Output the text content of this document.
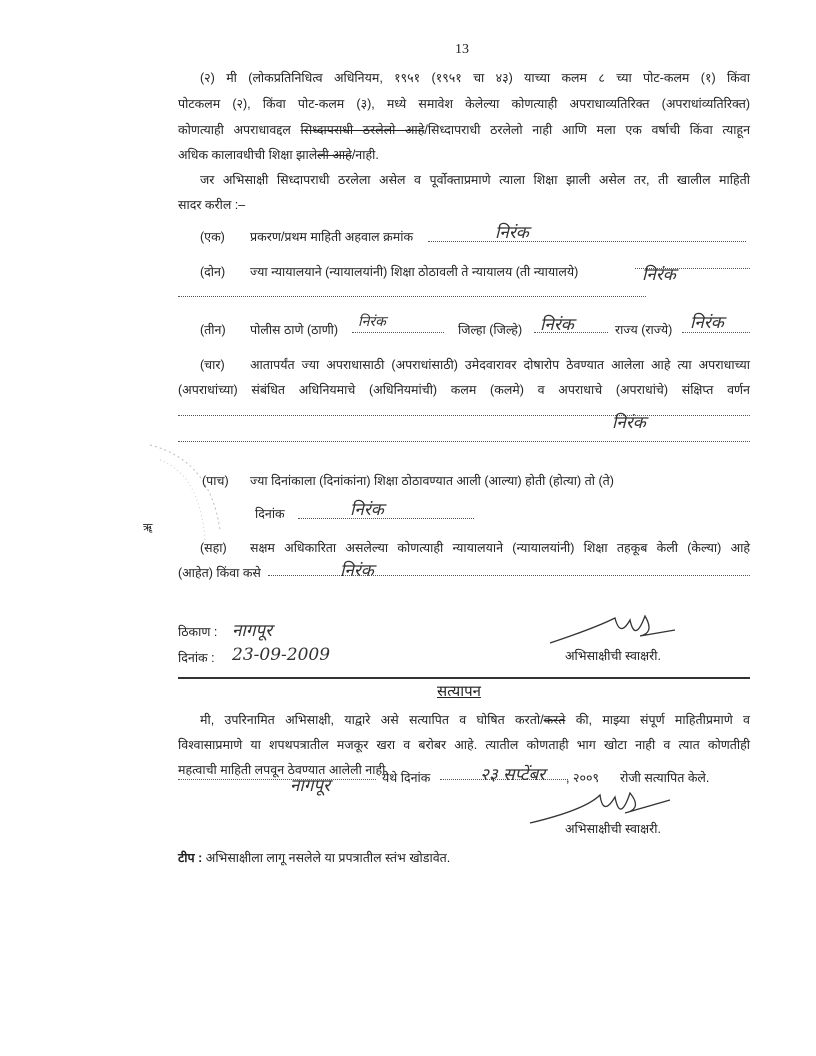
13
(२) मी (लोकप्रतिनिधित्व अधिनियम, १९५१ (१९५१ चा ४३) याच्या कलम ८ च्या पोट-कलम (१) किंवा
पोटकलम (२), किंवा पोट-कलम (३), मध्ये समावेश केलेल्या कोणत्याही अपराधाव्यतिरिक्त (अपराधांव्यतिरिक्त)
कोणत्याही अपराधावद्दल सिध्दापराधी ठरलेलो आहे/सिध्दापराधी ठरलेलो नाही आणि मला एक वर्षाची किंवा त्याहून
अधिक कालावधीची शिक्षा झालेली आहे/नाही.
जर अभिसाक्षी सिध्दापराधी ठरलेला असेल व पूर्वोक्ताप्रमाणे त्याला शिक्षा झाली असेल तर, ती खालील माहिती
सादर करील :–
(एक) प्रकरण/प्रथम माहिती अहवाल क्रमांक	निरंक
(दोन) ज्या न्यायालयाने (न्यायालयांनी) शिक्षा ठोठावली ते न्यायालय (ती न्यायालये)	निरंक
(तीन) पोलीस ठाणे (ठाणी) निरंक	जिल्हा (जिल्हे) निरंक	राज्य (राज्ये) निरंक
(चार) आतापर्यंत ज्या अपराधासाठी (अपराधांसाठी) उमेदवारावर दोषारोप ठेवण्यात आलेला आहे त्या अपराधाच्या
(अपराधांच्या) संबंधित अधिनियमाचे (अधिनियमांची) कलम (कलमे) व अपराधाचे (अपराधांचे) संक्षिप्त वर्णन
निरंक
ॠ
(पाच) ज्या दिनांकाला (दिनांकांना) शिक्षा ठोठावण्यात आली (आल्या) होती (होत्या) तो (ते)
दिनांक	निरंक
(सहा) सक्षम अधिकारिता असलेल्या कोणत्याही न्यायालयाने (न्यायालयांनी) शिक्षा तहकूब केली (केल्या) आहे
(आहेत) किंवा कसे	निरंक
ठिकाण : नागपूर
दिनांक : 23-09-2009	अभिसाक्षीची स्वाक्षरी.
सत्यापन
मी, उपरिनामित अभिसाक्षी, याद्वारे असे सत्यापित व घोषित करतो/करते की, माझ्या संपूर्ण माहितीप्रमाणे व
विश्वासाप्रमाणे या शपथपत्रातील मजकूर खरा व बरोबर आहे. त्यातील कोणताही भाग खोटा नाही व त्यात कोणतीही
महत्वाची माहिती लपवून ठेवण्यात आलेली नाही.
नागपूर	येथे दिनांक	२३ सप्टेंबर , २००९ रोजी सत्यापित केले.
अभिसाक्षीची स्वाक्षरी.
टीप : अभिसाक्षीला लागू नसलेले या प्रपत्रातील स्तंभ खोडावेत.
